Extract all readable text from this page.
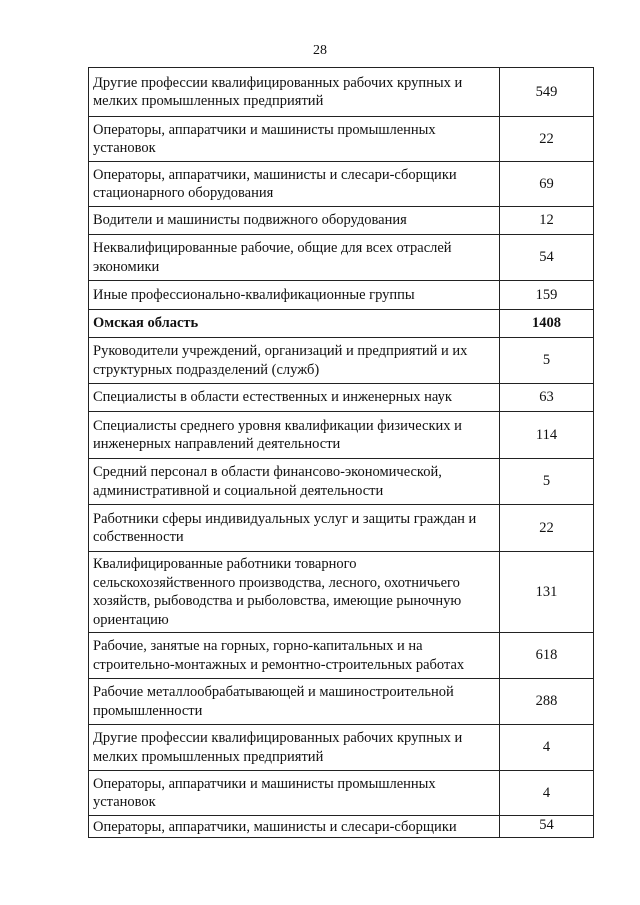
28
Другие профессии квалифицированных рабочих крупных и мелких промышленных предприятий	549
Операторы, аппаратчики и машинисты промышленных установок	22
Операторы, аппаратчики, машинисты и слесари-сборщики стационарного оборудования	69
Водители и машинисты подвижного оборудования	12
Неквалифицированные рабочие, общие для всех отраслей экономики	54
Иные профессионально-квалификационные группы	159
Омская область	1408
Руководители учреждений, организаций и предприятий и их структурных подразделений (служб)	5
Специалисты в области естественных и инженерных наук	63
Специалисты среднего уровня квалификации физических и инженерных направлений деятельности	114
Средний персонал в области финансово-экономической, административной и социальной деятельности	5
Работники сферы индивидуальных услуг и защиты граждан и собственности	22
Квалифицированные работники товарного сельскохозяйственного производства, лесного, охотничьего хозяйств, рыбоводства и рыболовства, имеющие рыночную ориентацию	131
Рабочие, занятые на горных, горно-капитальных и на строительно-монтажных и ремонтно-строительных работах	618
Рабочие металлообрабатывающей и машиностроительной промышленности	288
Другие профессии квалифицированных рабочих крупных и мелких промышленных предприятий	4
Операторы, аппаратчики и машинисты промышленных установок	4
Операторы, аппаратчики, машинисты и слесари-сборщики	54
